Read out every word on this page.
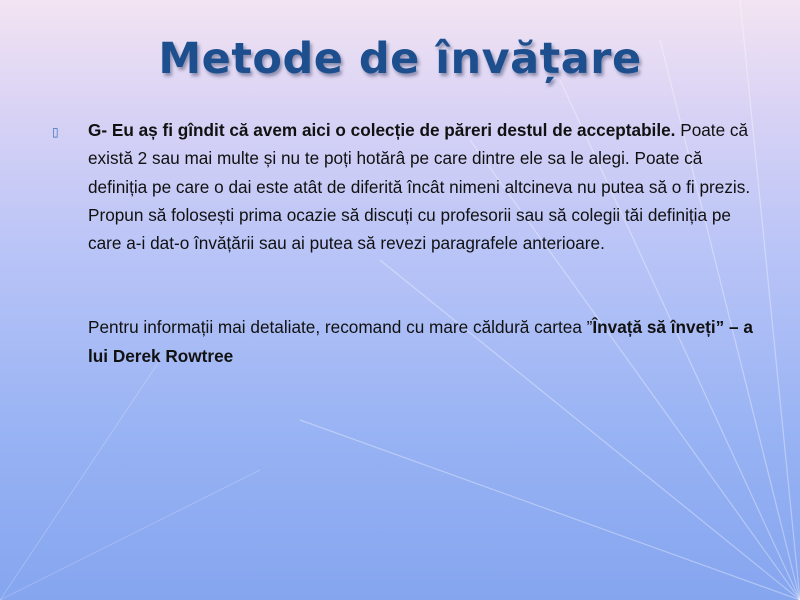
Metode de învățare
▯ G- Eu aș fi gîndit că avem aici o colecție de păreri destul de acceptabile. Poate că există 2 sau mai multe și nu te poți hotărâ pe care dintre ele sa le alegi. Poate că definiția pe care o dai este atât de diferită încât nimeni altcineva nu putea să o fi prezis. Propun să folosești prima ocazie să discuți cu profesorii sau să colegii tăi definiția pe care a-i dat-o învățării sau ai putea să revezi paragrafele anterioare.
Pentru informații mai detaliate, recomand cu mare căldură cartea ”Învață să înveți” – a lui Derek Rowtree
